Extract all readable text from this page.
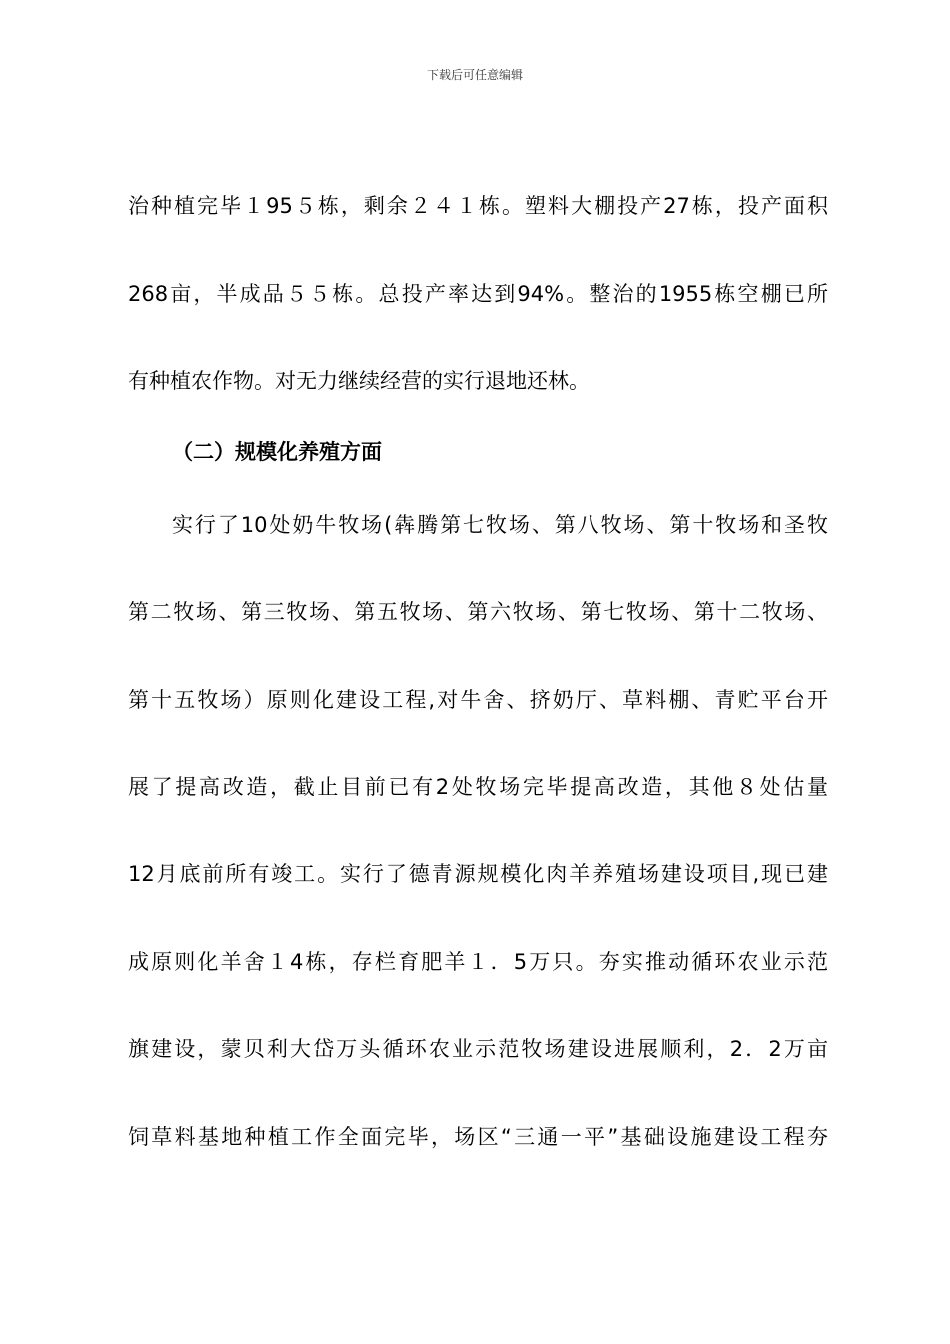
下载后可任意编辑
治种植完毕１95５栋，剩余２４１栋。塑料大棚投产27栋，投产面积
268亩，半成品５５栋。总投产率达到94%。整治的1955栋空棚已所
有种植农作物。对无力继续经营的实行退地还林。
（二）规模化养殖方面
实行了10处奶牛牧场(犇腾第七牧场、第八牧场、第十牧场和圣牧
第二牧场、第三牧场、第五牧场、第六牧场、第七牧场、第十二牧场、
第十五牧场）原则化建设工程,对牛舍、挤奶厅、草料棚、青贮平台开
展了提高改造，截止目前已有2处牧场完毕提高改造，其他８处估量
12月底前所有竣工。实行了德青源规模化肉羊养殖场建设项目,现已建
成原则化羊舍１4栋，存栏育肥羊１．5万只。夯实推动循环农业示范
旗建设，蒙贝利大岱万头循环农业示范牧场建设进展顺利，2．2万亩
饲草料基地种植工作全面完毕，场区“三通一平”基础设施建设工程夯
